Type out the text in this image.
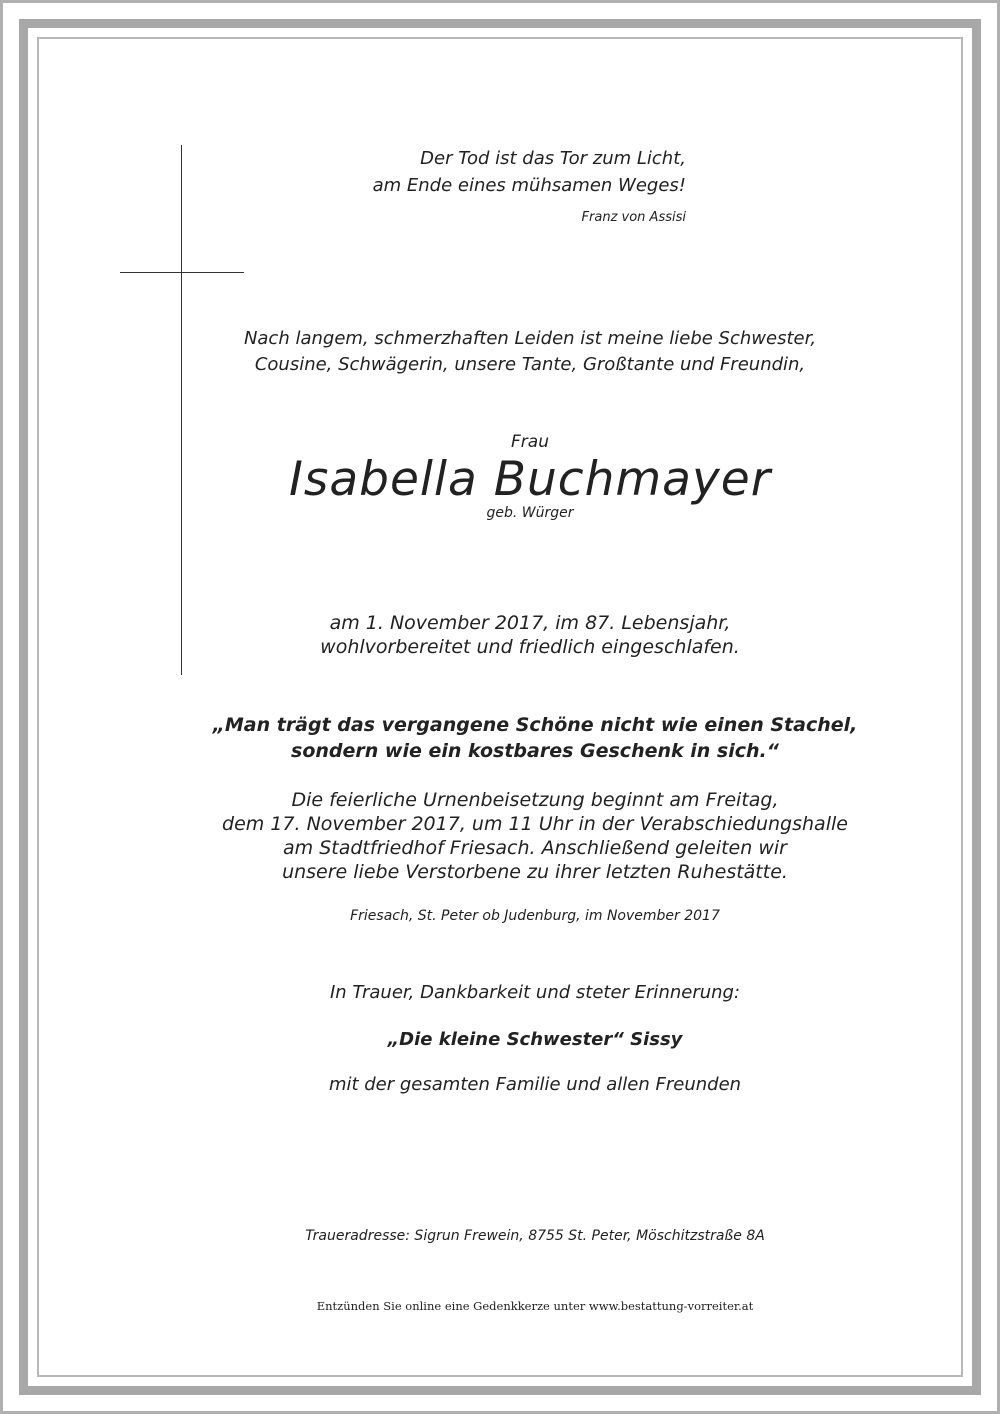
Der Tod ist das Tor zum Licht,
am Ende eines mühsamen Weges!
Franz von Assisi
Nach langem, schmerzhaften Leiden ist meine liebe Schwester,
Cousine, Schwägerin, unsere Tante, Großtante und Freundin,
Frau
Isabella Buchmayer
geb. Würger
am 1. November 2017, im 87. Lebensjahr,
wohlvorbereitet und friedlich eingeschlafen.
„Man trägt das vergangene Schöne nicht wie einen Stachel,
sondern wie ein kostbares Geschenk in sich.“
Die feierliche Urnenbeisetzung beginnt am Freitag,
dem 17. November 2017, um 11 Uhr in der Verabschiedungshalle
am Stadtfriedhof Friesach. Anschließend geleiten wir
unsere liebe Verstorbene zu ihrer letzten Ruhestätte.
Friesach, St. Peter ob Judenburg, im November 2017
In Trauer, Dankbarkeit und steter Erinnerung:
„Die kleine Schwester“ Sissy
mit der gesamten Familie und allen Freunden
Traueradresse: Sigrun Frewein, 8755 St. Peter, Möschitzstraße 8A
Entzünden Sie online eine Gedenkkerze unter www.bestattung-vorreiter.at
